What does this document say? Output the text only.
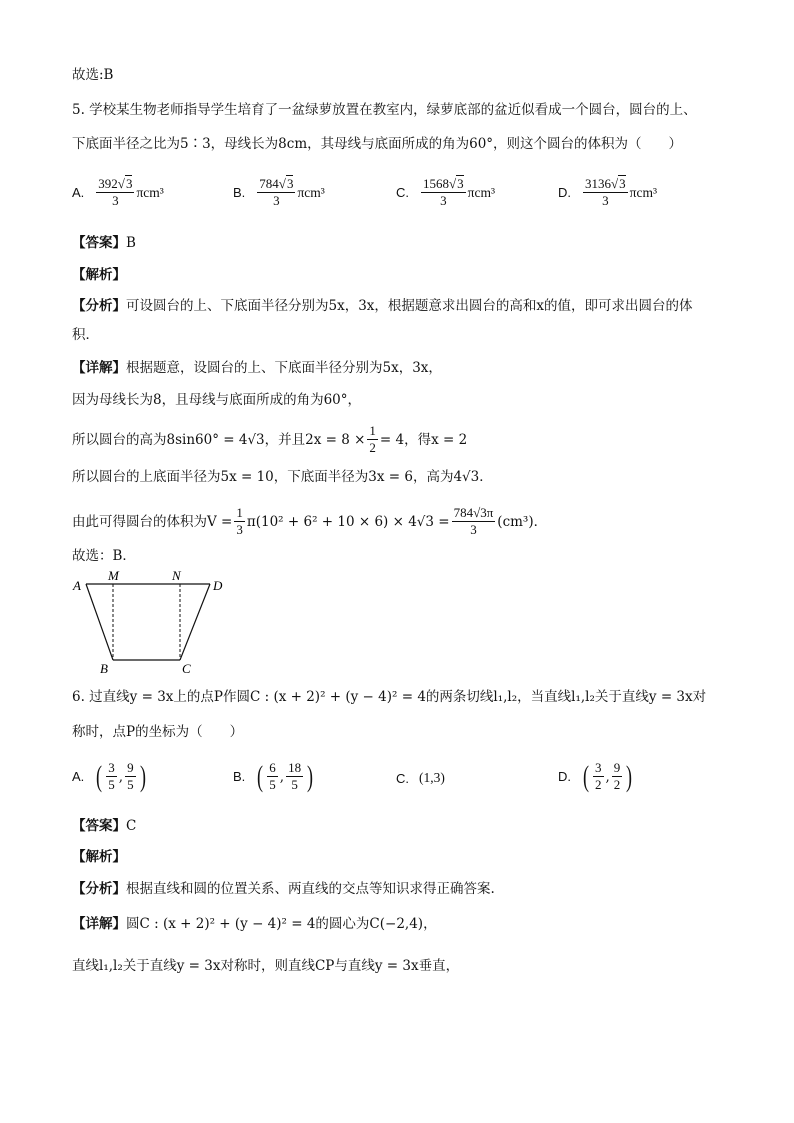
故选:B
5. 学校某生物老师指导学生培育了一盆绿萝放置在教室内，绿萝底部的盆近似看成一个圆台，圆台的上、
下底面半径之比为5∶3，母线长为8cm，其母线与底面所成的角为60°，则这个圆台的体积为（　　）
A. $\frac{392√3}{3} \pi cm^3$	B. $\frac{784√3}{3} \pi cm^3$	C. $\frac{1568√3}{3} \pi cm^3$	D. $\frac{3136√3}{3} \pi cm^3$
【答案】B
【解析】
【分析】可设圆台的上、下底面半径分别为5x，3x，根据题意求出圆台的高和x的值，即可求出圆台的体
积．
【详解】根据题意，设圆台的上、下底面半径分别为5x，3x，
因为母线长为8，且母线与底面所成的角为60°，
所以圆台的高为8sin60° = 4√3，并且$2x = 8 \times \frac{1}{2} = 4$，得x = 2
所以圆台的上底面半径为5x = 10，下底面半径为3x = 6，高为4√3．
由此可得圆台的体积为$V = \frac{1}{3} \pi(10^2 + 6^2 + 10 \times 6) \times 4√3 = \frac{784√3\pi}{3} (cm^3)$．
故选：B．
A
M	N
D
B	C
6. 过直线y = 3x上的点P作圆C : (x + 2)² + (y − 4)² = 4的两条切线l₁,l₂，当直线l₁,l₂关于直线y = 3x对
称时，点P的坐标为（　　）
A. ( $\frac{3}{5}$ , $\frac{9}{5}$ )	B. ( $\frac{6}{5}$ , $\frac{18}{5}$ )	C. (1,3)	D. ( $\frac{3}{2}$ , $\frac{9}{2}$ )
【答案】C
【解析】
【分析】根据直线和圆的位置关系、两直线的交点等知识求得正确答案.
【详解】圆C : (x + 2)² + (y − 4)² = 4的圆心为C(−2,4)，
直线l₁,l₂关于直线y = 3x对称时，则直线CP与直线y = 3x垂直，
